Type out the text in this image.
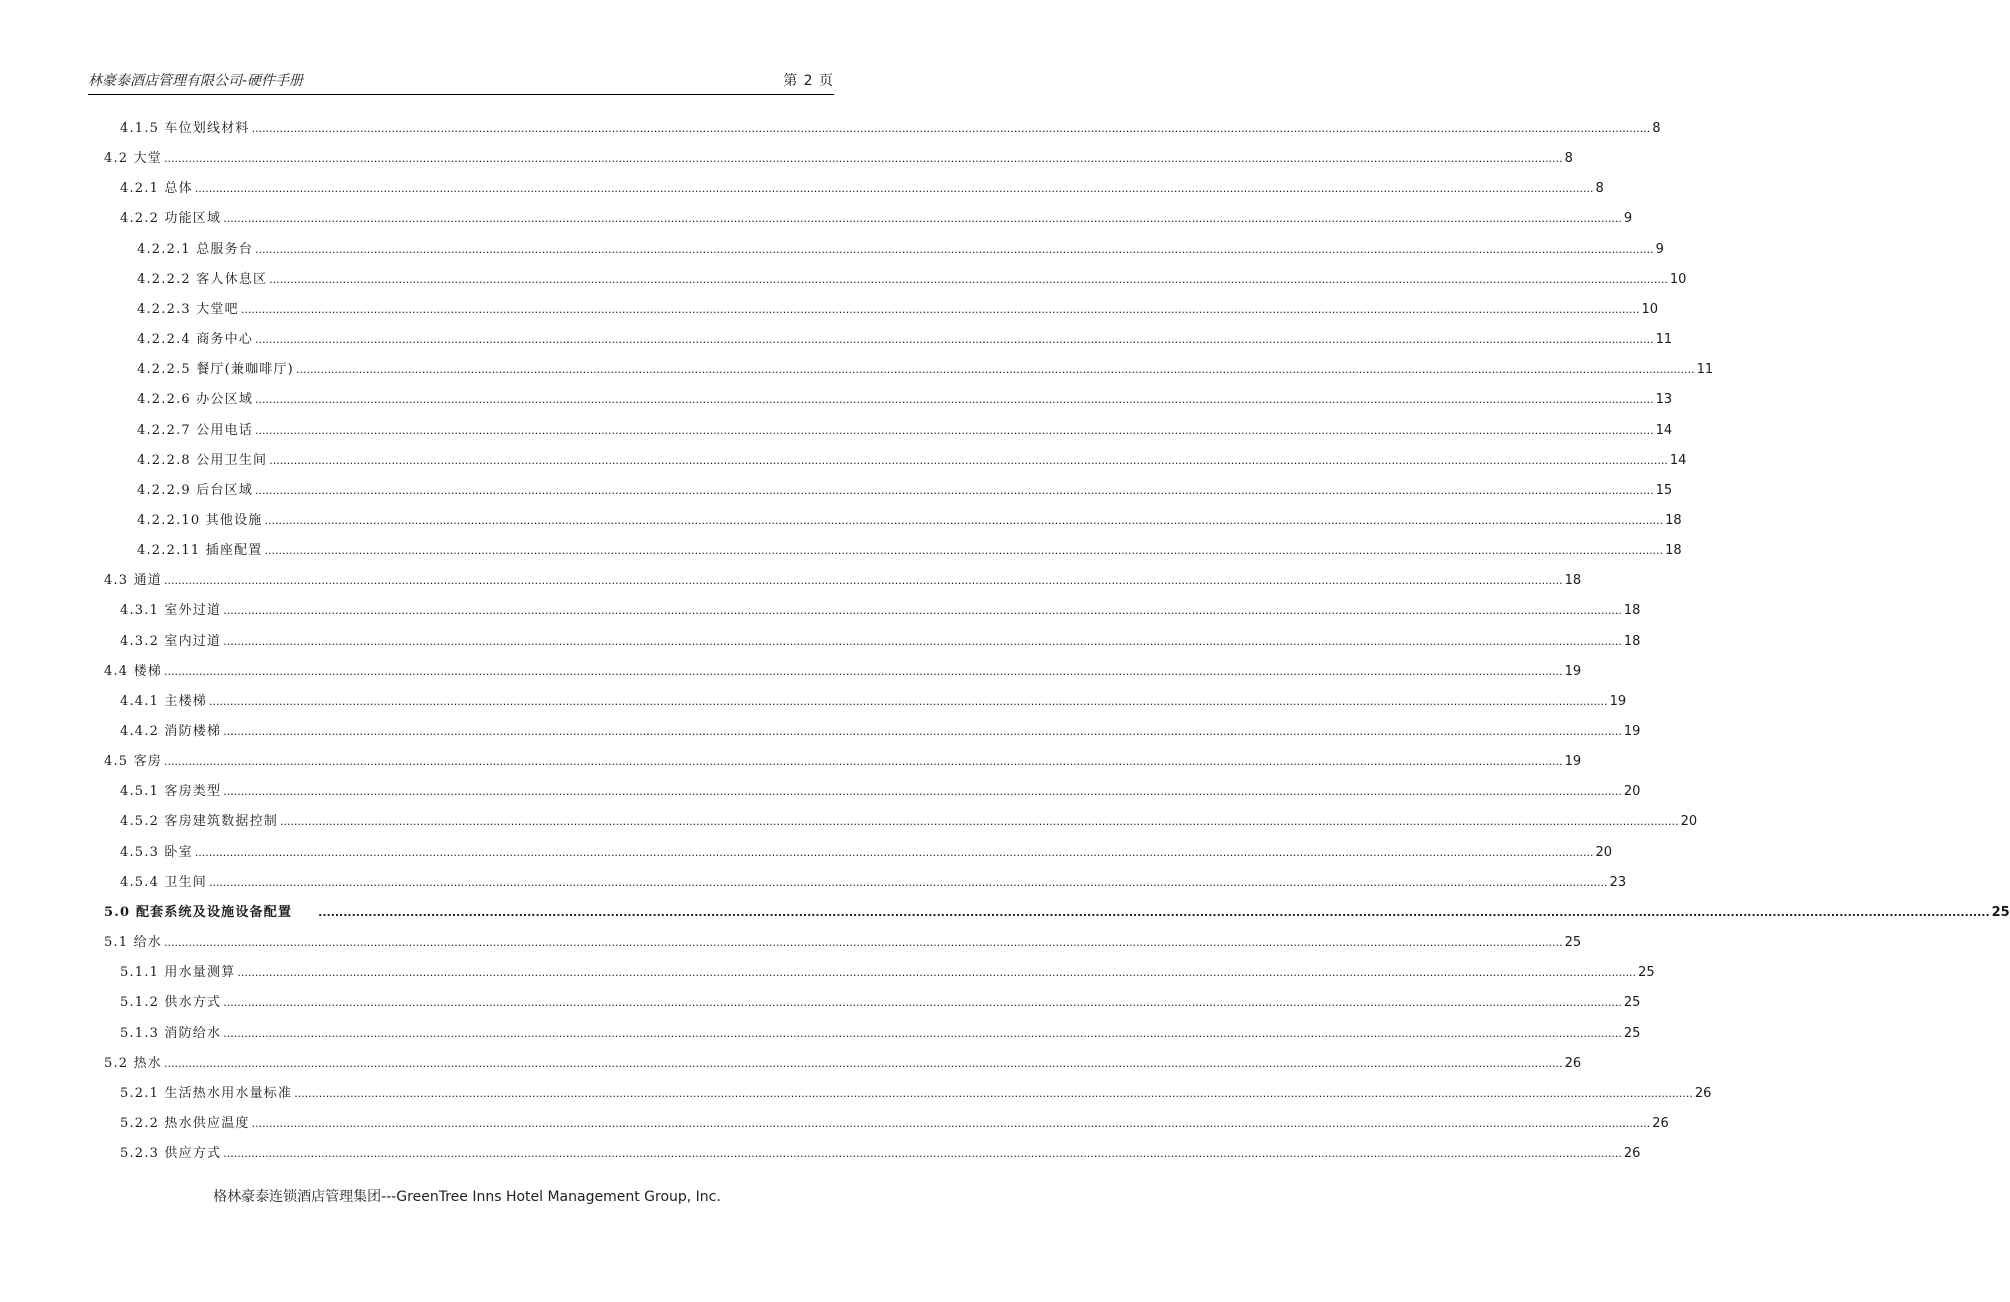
林豪泰酒店管理有限公司-硬件手册	第 2 页
4.1.5 车位划线材料 ................................................................................................................................................................................................................................................................................................................................................................................................................ 8
4.2 大堂 ................................................................................................................................................................................................................................................................................................................................................................................................................ 8
4.2.1 总体 ................................................................................................................................................................................................................................................................................................................................................................................................................ 8
4.2.2 功能区域 ................................................................................................................................................................................................................................................................................................................................................................................................................ 9
4.2.2.1 总服务台 ................................................................................................................................................................................................................................................................................................................................................................................................................ 9
4.2.2.2 客人休息区 ................................................................................................................................................................................................................................................................................................................................................................................................................ 10
4.2.2.3 大堂吧 ................................................................................................................................................................................................................................................................................................................................................................................................................ 10
4.2.2.4 商务中心 ................................................................................................................................................................................................................................................................................................................................................................................................................ 11
4.2.2.5 餐厅(兼咖啡厅) ................................................................................................................................................................................................................................................................................................................................................................................................................ 11
4.2.2.6 办公区域 ................................................................................................................................................................................................................................................................................................................................................................................................................ 13
4.2.2.7 公用电话 ................................................................................................................................................................................................................................................................................................................................................................................................................ 14
4.2.2.8 公用卫生间 ................................................................................................................................................................................................................................................................................................................................................................................................................ 14
4.2.2.9 后台区域 ................................................................................................................................................................................................................................................................................................................................................................................................................ 15
4.2.2.10 其他设施 ................................................................................................................................................................................................................................................................................................................................................................................................................ 18
4.2.2.11 插座配置 ................................................................................................................................................................................................................................................................................................................................................................................................................ 18
4.3 通道 ................................................................................................................................................................................................................................................................................................................................................................................................................ 18
4.3.1 室外过道 ................................................................................................................................................................................................................................................................................................................................................................................................................ 18
4.3.2 室内过道 ................................................................................................................................................................................................................................................................................................................................................................................................................ 18
4.4 楼梯 ................................................................................................................................................................................................................................................................................................................................................................................................................ 19
4.4.1 主楼梯 ................................................................................................................................................................................................................................................................................................................................................................................................................ 19
4.4.2 消防楼梯 ................................................................................................................................................................................................................................................................................................................................................................................................................ 19
4.5 客房 ................................................................................................................................................................................................................................................................................................................................................................................................................ 19
4.5.1 客房类型 ................................................................................................................................................................................................................................................................................................................................................................................................................ 20
4.5.2 客房建筑数据控制 ................................................................................................................................................................................................................................................................................................................................................................................................................ 20
4.5.3 卧室 ................................................................................................................................................................................................................................................................................................................................................................................................................ 20
4.5.4 卫生间 ................................................................................................................................................................................................................................................................................................................................................................................................................ 23
5.0 配套系统及设施设备配置 ................................................................................................................................................................................................................................................................................................................................................................................................................ 25
5.1 给水 ................................................................................................................................................................................................................................................................................................................................................................................................................ 25
5.1.1 用水量测算 ................................................................................................................................................................................................................................................................................................................................................................................................................ 25
5.1.2 供水方式 ................................................................................................................................................................................................................................................................................................................................................................................................................ 25
5.1.3 消防给水 ................................................................................................................................................................................................................................................................................................................................................................................................................ 25
5.2 热水 ................................................................................................................................................................................................................................................................................................................................................................................................................ 26
5.2.1 生活热水用水量标准 ................................................................................................................................................................................................................................................................................................................................................................................................................ 26
5.2.2 热水供应温度 ................................................................................................................................................................................................................................................................................................................................................................................................................ 26
5.2.3 供应方式 ................................................................................................................................................................................................................................................................................................................................................................................................................ 26
格林豪泰连锁酒店管理集团---GreenTree Inns Hotel Management Group, Inc.
